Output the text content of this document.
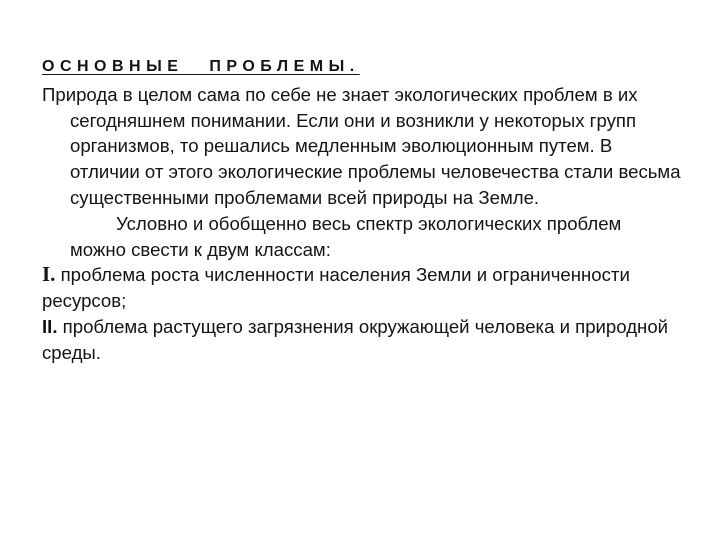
ОСНОВНЫЕ ПРОБЛЕМЫ.

Природа в целом сама по себе не знает экологических проблем в их сегодняшнем понимании. Если они и возникли у некоторых групп организмов, то решались медленным эволюционным путем. В отличии от этого экологические проблемы человечества стали весьма существенными проблемами всей природы на Земле.

Условно и обобщенно весь спектр экологических проблем можно свести к двум классам:

I. проблема роста численности населения Земли и ограниченности ресурсов;

II. проблема растущего загрязнения окружающей человека и природной среды.
